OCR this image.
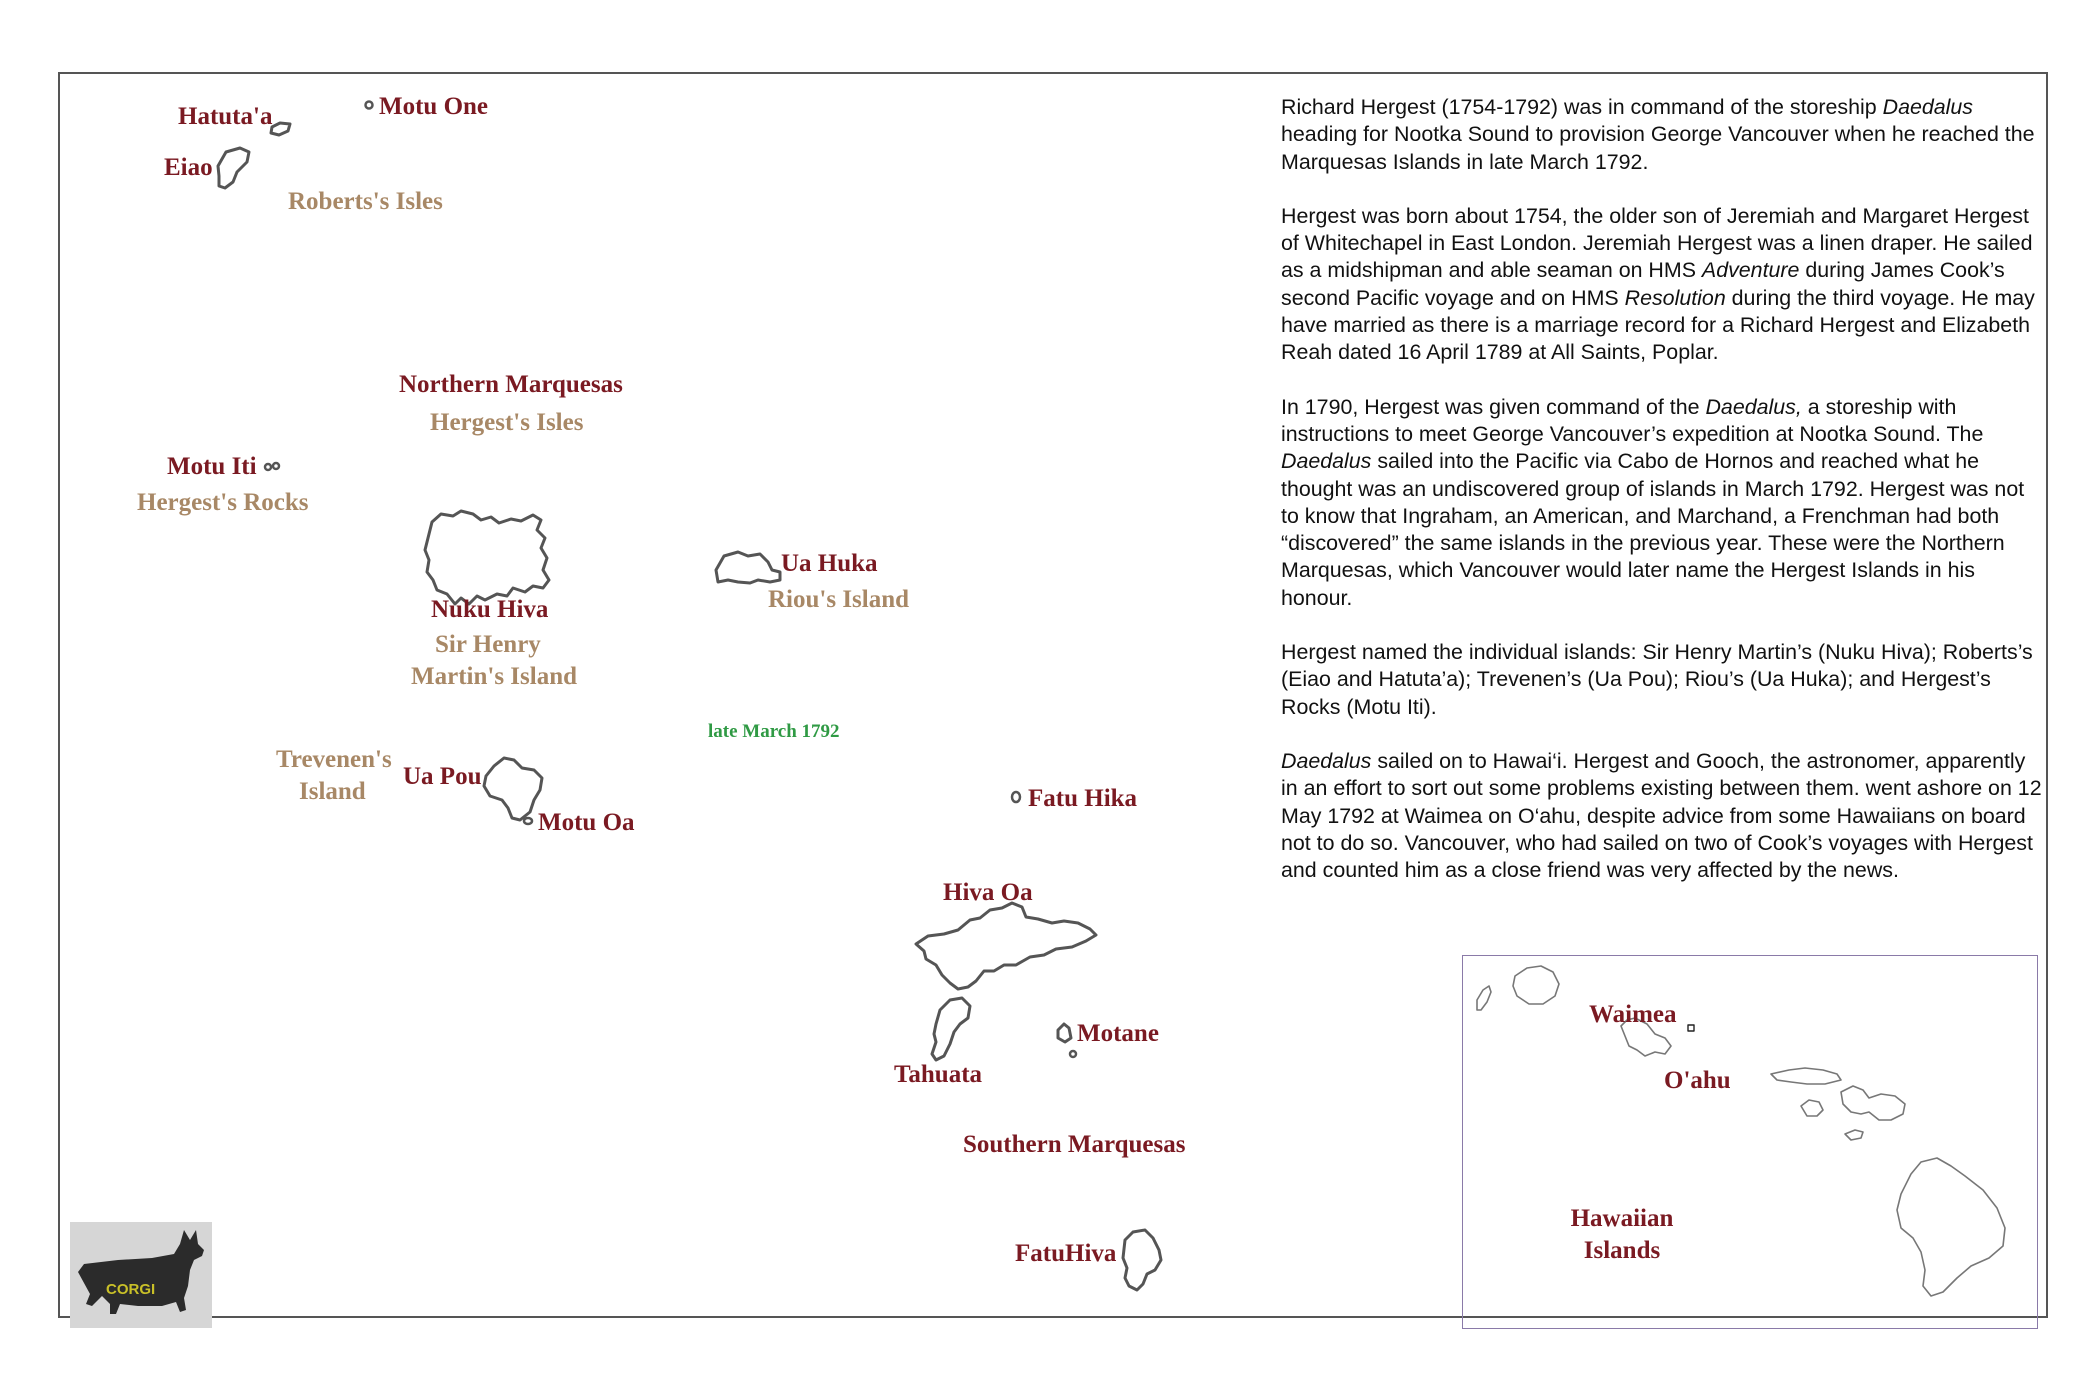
Hatuta'a	Motu One
Eiao
Roberts's Isles
Northern Marquesas
Hergest's Isles
Motu Iti
Hergest's Rocks
Nuku Hiva
Sir Henry
Martin's Island
Ua Huka
Riou's Island
late March 1792
Trevenen's
Island
Ua Pou
Motu Oa
Fatu Hika
Hiva Oa
Tahuata
Motane
Southern Marquesas
FatuHiva

Richard Hergest (1754-1792) was in command of the storeship Daedalus heading for Nootka Sound to provision George Vancouver when he reached the Marquesas Islands in late March 1792.

Hergest was born about 1754, the older son of Jeremiah and Margaret Hergest of Whitechapel in East London. Jeremiah Hergest was a linen draper. He sailed as a midshipman and able seaman on HMS Adventure during James Cook’s second Pacific voyage and on HMS Resolution during the third voyage. He may have married as there is a marriage record for a Richard Hergest and Elizabeth Reah dated 16 April 1789 at All Saints, Poplar.

In 1790, Hergest was given command of the Daedalus, a storeship with instructions to meet George Vancouver’s expedition at Nootka Sound. The Daedalus sailed into the Pacific via Cabo de Hornos and reached what he thought was an undiscovered group of islands in March 1792. Hergest was not to know that Ingraham, an American, and Marchand, a Frenchman had both “discovered” the same islands in the previous year. These were the Northern Marquesas, which Vancouver would later name the Hergest Islands in his honour.

Hergest named the individual islands: Sir Henry Martin’s (Nuku Hiva); Roberts’s (Eiao and Hatuta’a); Trevenen’s (Ua Pou); Riou’s (Ua Huka); and Hergest’s Rocks (Motu Iti).

Daedalus sailed on to Hawai‘i. Hergest and Gooch, the astronomer, apparently in an effort to sort out some problems existing between them. went ashore on 12 May 1792 at Waimea on O‘ahu, despite advice from some Hawaiians on board not to do so. Vancouver, who had sailed on two of Cook’s voyages with Hergest and counted him as a close friend was very affected by the news.

Waimea
O'ahu
Hawaiian
Islands
CORGI
